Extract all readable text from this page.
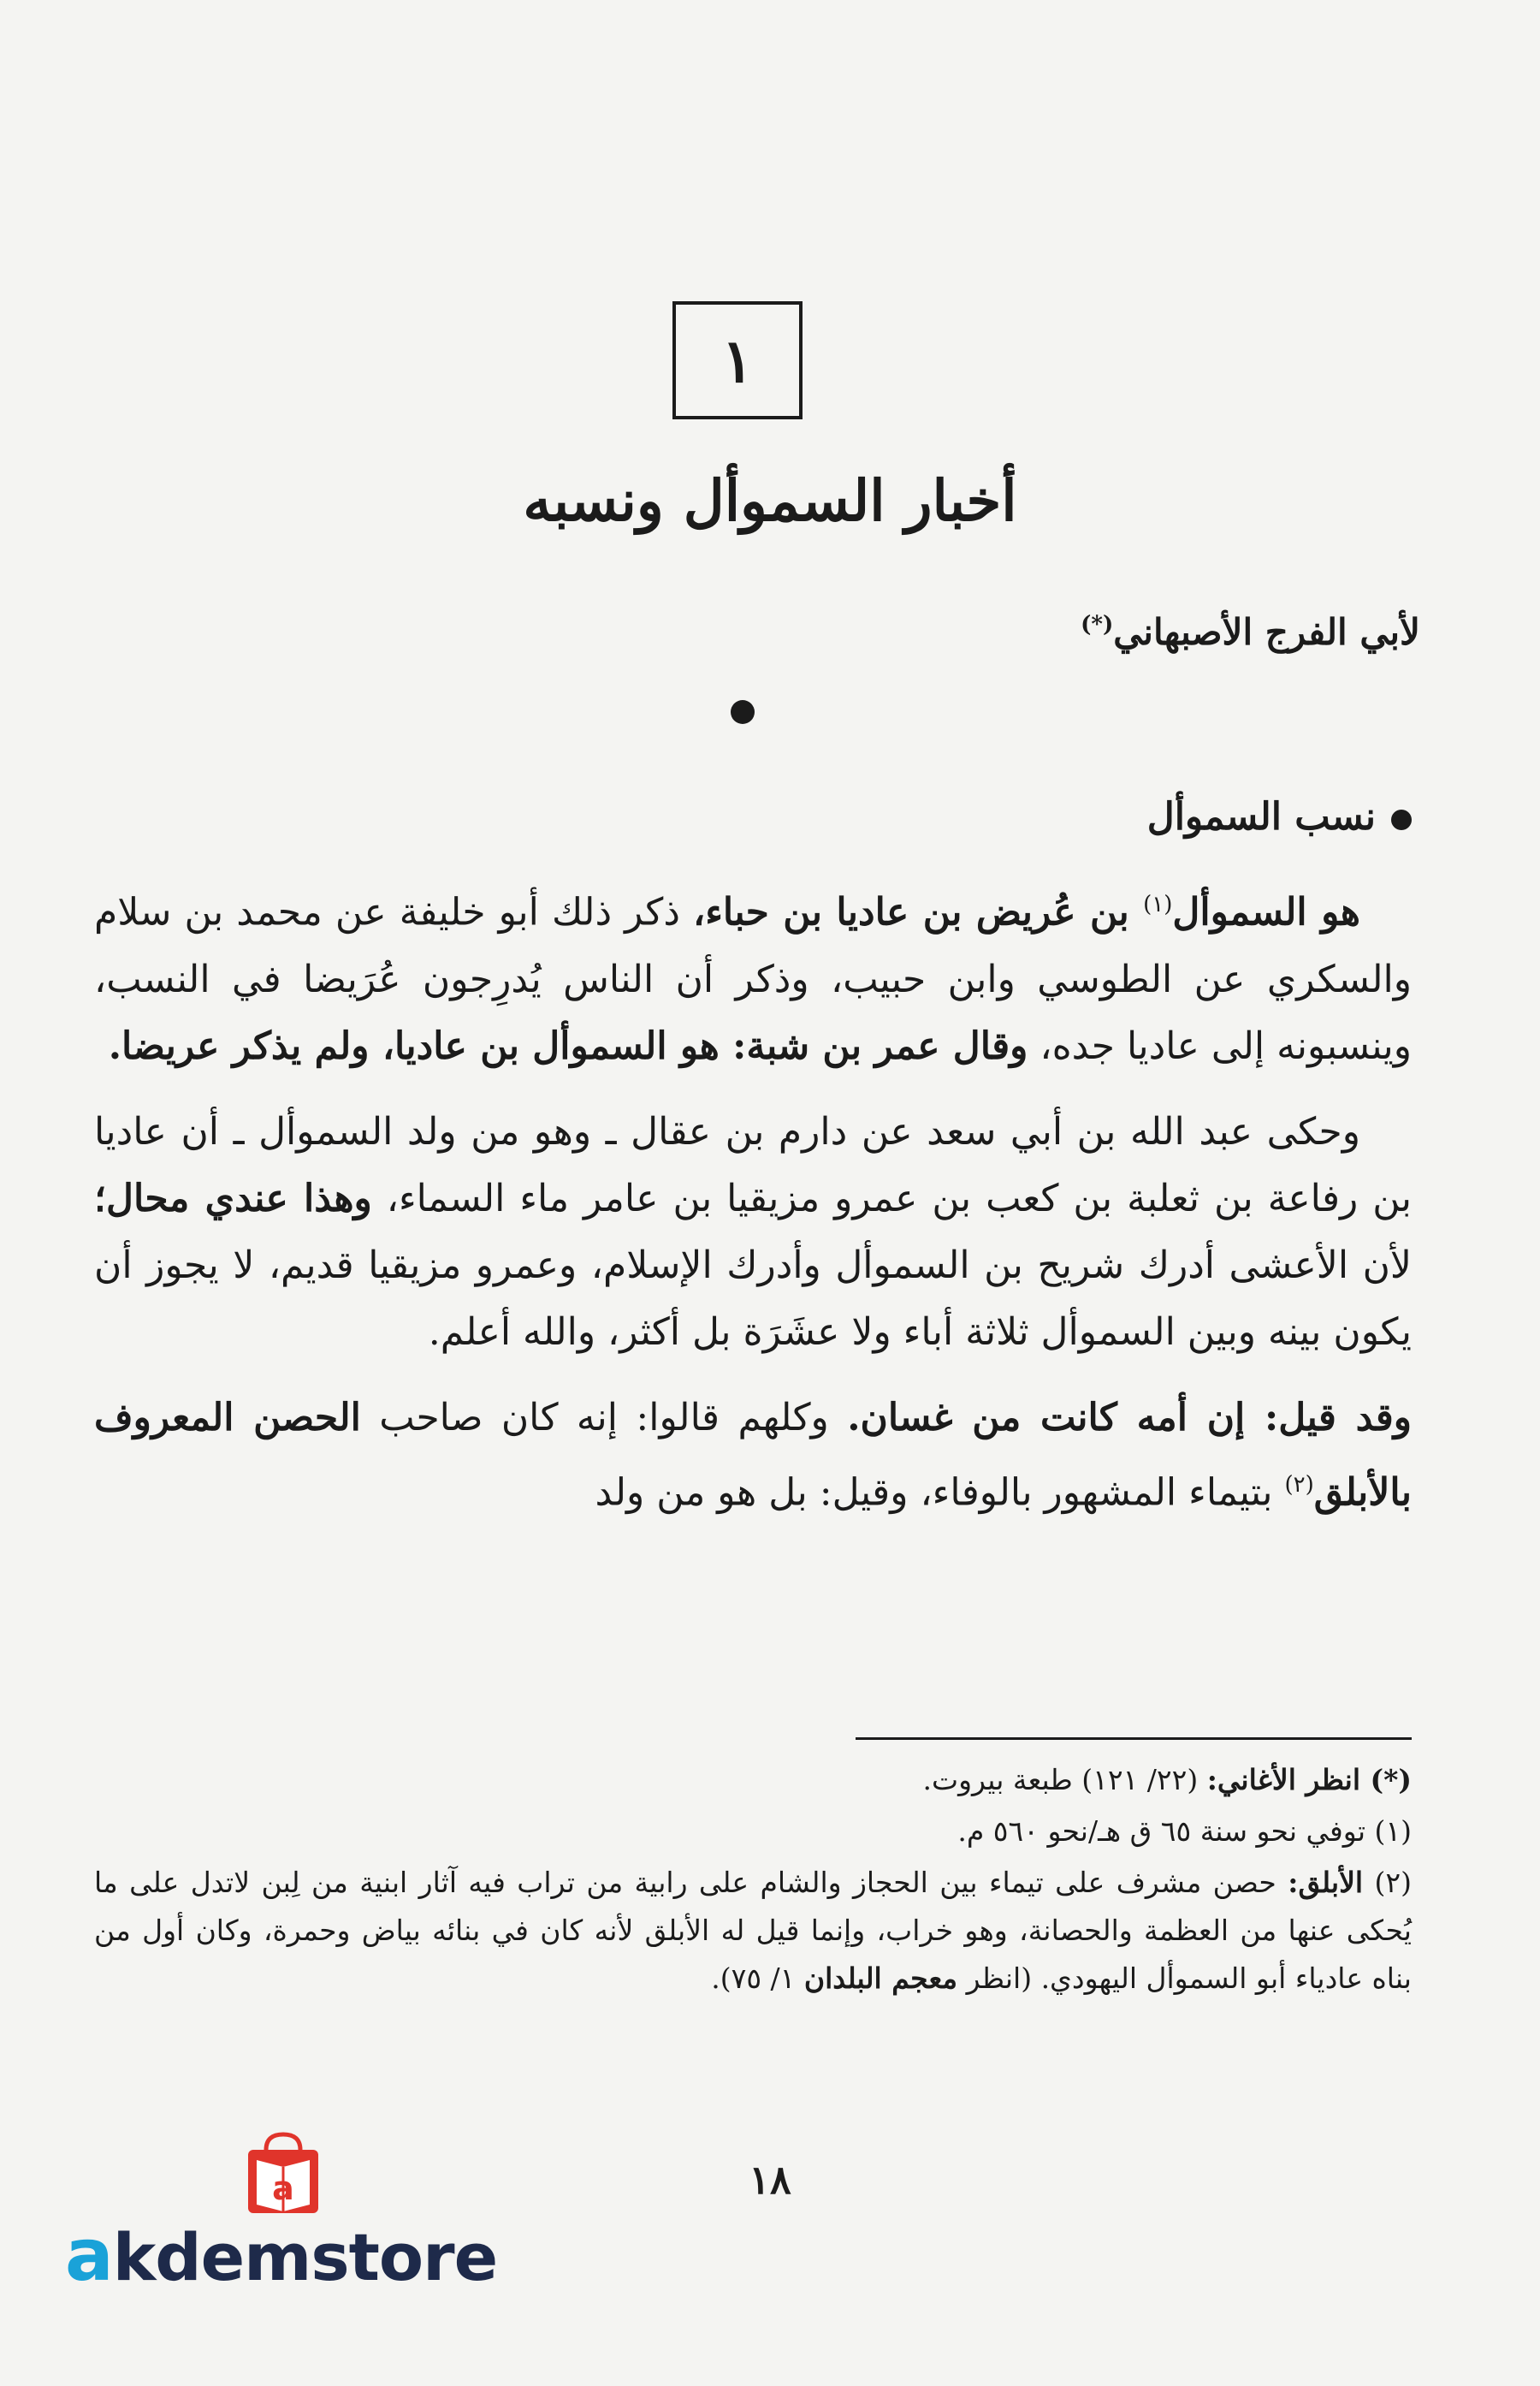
١
أخبار السموأل ونسبه
لأبي الفرج الأصبهاني(*)
نسب السموأل

هو السموأل$^{(١)}$ بن عُريض بن عاديا بن حباء، ذكر ذلك أبو خليفة عن محمد بن سلام والسكري عن الطوسي وابن حبيب، وذكر أن الناس يُدرِجون عُرَيضا في النسب، وينسبونه إلى عاديا جده، وقال عمر بن شبة: هو السموأل بن عاديا، ولم يذكر عريضا.

وحكى عبد الله بن أبي سعد عن دارم بن عقال ـ وهو من ولد السموأل ـ أن عاديا بن رفاعة بن ثعلبة بن كعب بن عمرو مزيقيا بن عامر ماء السماء، وهذا عندي محال؛ لأن الأعشى أدرك شريح بن السموأل وأدرك الإسلام، وعمرو مزيقيا قديم، لا يجوز أن يكون بينه وبين السموأل ثلاثة أباء ولا عشَرَة بل أكثر، والله أعلم.

وقد قيل: إن أمه كانت من غسان. وكلهم قالوا: إنه كان صاحب الحصن المعروف بالأبلق$^{(٢)}$ بتيماء المشهور بالوفاء، وقيل: بل هو من ولد

(*) انظر الأغاني: (٢٢/ ١٢١) طبعة بيروت.

(١) توفي نحو سنة ٦٥ ق هـ/نحو ٥٦٠ م.

(٢) الأبلق: حصن مشرف على تيماء بين الحجاز والشام على رابية من تراب فيه آثار ابنية من لِبن لاتدل على ما يُحكى عنها من العظمة والحصانة، وهو خراب، وإنما قيل له الأبلق لأنه كان في بنائه بياض وحمرة، وكان أول من بناه عادياء أبو السموأل اليهودي. (انظر معجم البلدان ١/ ٧٥).

١٨
a
akdemstore
